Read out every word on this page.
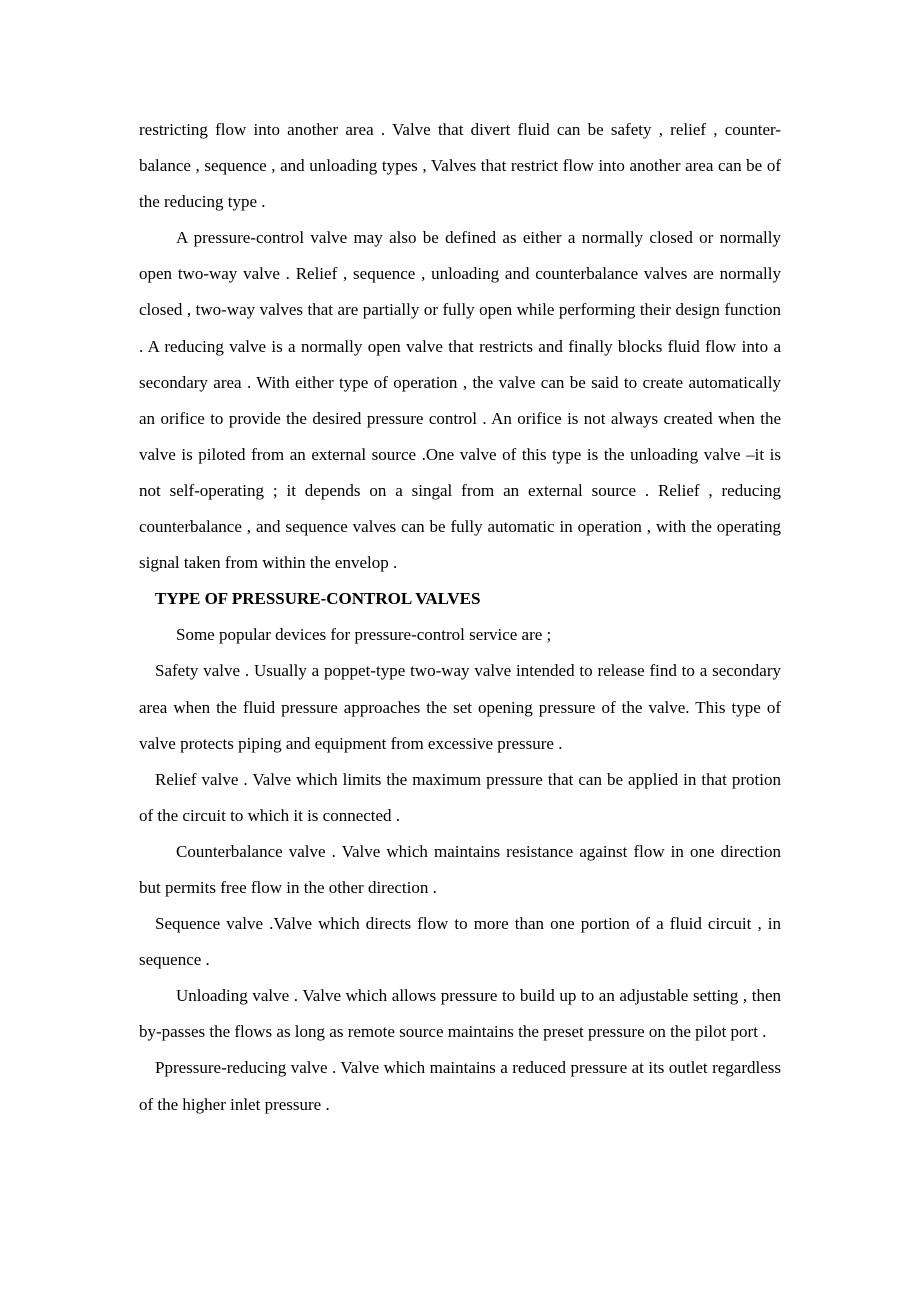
restricting flow into another area . Valve that divert fluid can be safety , relief , counter-balance , sequence , and unloading types , Valves that restrict flow into another area can be of the reducing type .

A pressure-control valve may also be defined as either a normally closed or normally open two-way valve . Relief , sequence , unloading and counterbalance valves are normally closed , two-way valves that are partially or fully open while performing their design function . A reducing valve is a normally open valve that restricts and finally blocks fluid flow into a secondary area . With either type of operation , the valve can be said to create automatically an orifice to provide the desired pressure control . An orifice is not always created when the valve is piloted from an external source .One valve of this type is the unloading valve –it is not self-operating ; it depends on a singal from an external source . Relief , reducing counterbalance , and sequence valves can be fully automatic in operation , with the operating signal taken from within the envelop .

TYPE OF PRESSURE-CONTROL VALVES

Some popular devices for pressure-control service are ;

Safety valve . Usually a poppet-type two-way valve intended to release find to a secondary area when the fluid pressure approaches the set opening pressure of the valve. This type of valve protects piping and equipment from excessive pressure .

Relief valve . Valve which limits the maximum pressure that can be applied in that protion of the circuit to which it is connected .

Counterbalance valve . Valve which maintains resistance against flow in one direction but permits free flow in the other direction .

Sequence valve .Valve which directs flow to more than one portion of a fluid circuit , in sequence .

Unloading valve . Valve which allows pressure to build up to an adjustable setting , then by-passes the flows as long as remote source maintains the preset pressure on the pilot port .

Ppressure-reducing valve . Valve which maintains a reduced pressure at its outlet regardless of the higher inlet pressure .
